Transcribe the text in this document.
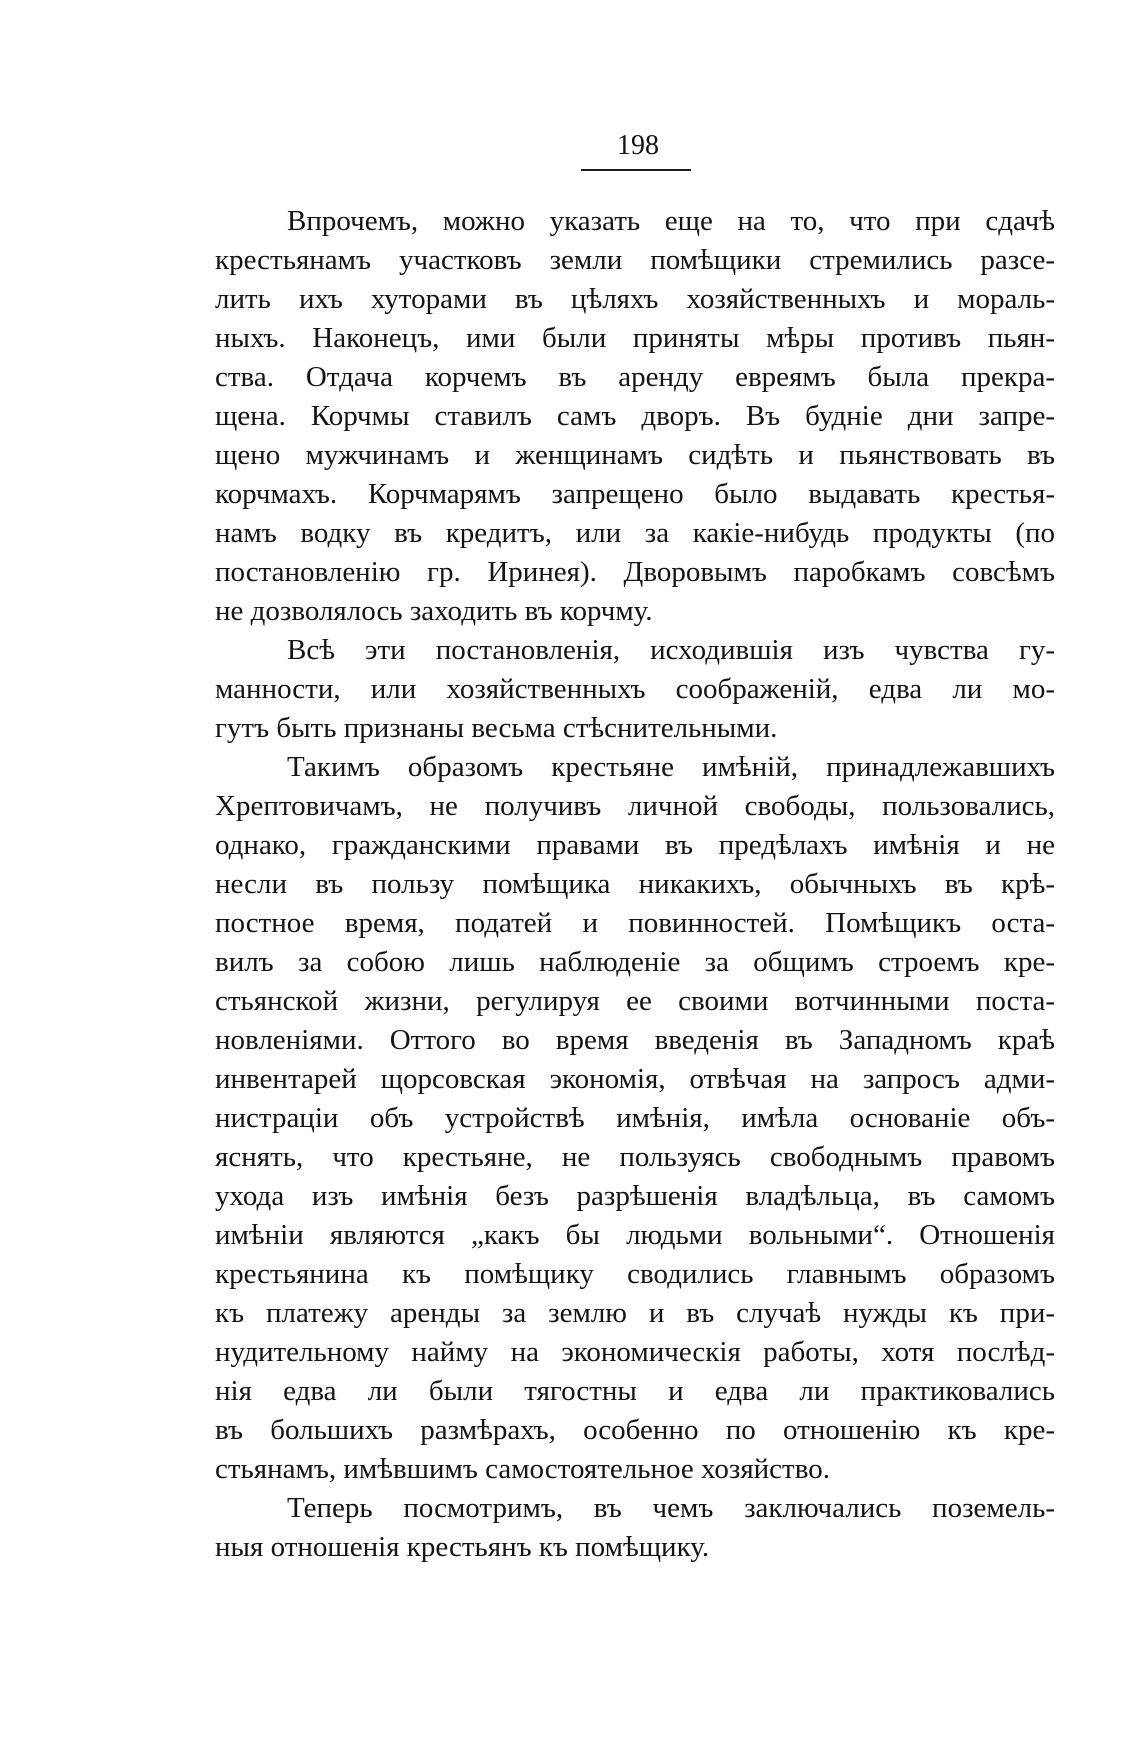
198
Впрочемъ, можно указать еще на то, что при сдачѣ
крестьянамъ участковъ земли помѣщики стремились разсе-
лить ихъ хуторами въ цѣляхъ хозяйственныхъ и мораль-
ныхъ. Наконецъ, ими были приняты мѣры противъ пьян-
ства. Отдача корчемъ въ аренду евреямъ была прекра-
щена. Корчмы ставилъ самъ дворъ. Въ будніе дни запре-
щено мужчинамъ и женщинамъ сидѣть и пьянствовать въ
корчмахъ. Корчмарямъ запрещено было выдавать крестья-
намъ водку въ кредитъ, или за какіе-нибудь продукты (по
постановленію гр. Иринея). Дворовымъ паробкамъ совсѣмъ
не дозволялось заходить въ корчму.
Всѣ эти постановленія, исходившія изъ чувства гу-
манности, или хозяйственныхъ соображеній, едва ли мо-
гутъ быть признаны весьма стѣснительными.
Такимъ образомъ крестьяне имѣній, принадлежавшихъ
Хрептовичамъ, не получивъ личной свободы, пользовались,
однако, гражданскими правами въ предѣлахъ имѣнія и не
несли въ пользу помѣщика никакихъ, обычныхъ въ крѣ-
постное время, податей и повинностей. Помѣщикъ оста-
вилъ за собою лишь наблюденіе за общимъ строемъ кре-
стьянской жизни, регулируя ее своими вотчинными поста-
новленіями. Оттого во время введенія въ Западномъ краѣ
инвентарей щорсовская экономія, отвѣчая на запросъ адми-
нистраціи объ устройствѣ имѣнія, имѣла основаніе объ-
яснять, что крестьяне, не пользуясь свободнымъ правомъ
ухода изъ имѣнія безъ разрѣшенія владѣльца, въ самомъ
имѣніи являются „какъ бы людьми вольными“. Отношенія
крестьянина къ помѣщику сводились главнымъ образомъ
къ платежу аренды за землю и въ случаѣ нужды къ при-
нудительному найму на экономическія работы, хотя послѣд-
нія едва ли были тягостны и едва ли практиковались
въ большихъ размѣрахъ, особенно по отношенію къ кре-
стьянамъ, имѣвшимъ самостоятельное хозяйство.
Теперь посмотримъ, въ чемъ заключались поземель-
ныя отношенія крестьянъ къ помѣщику.
